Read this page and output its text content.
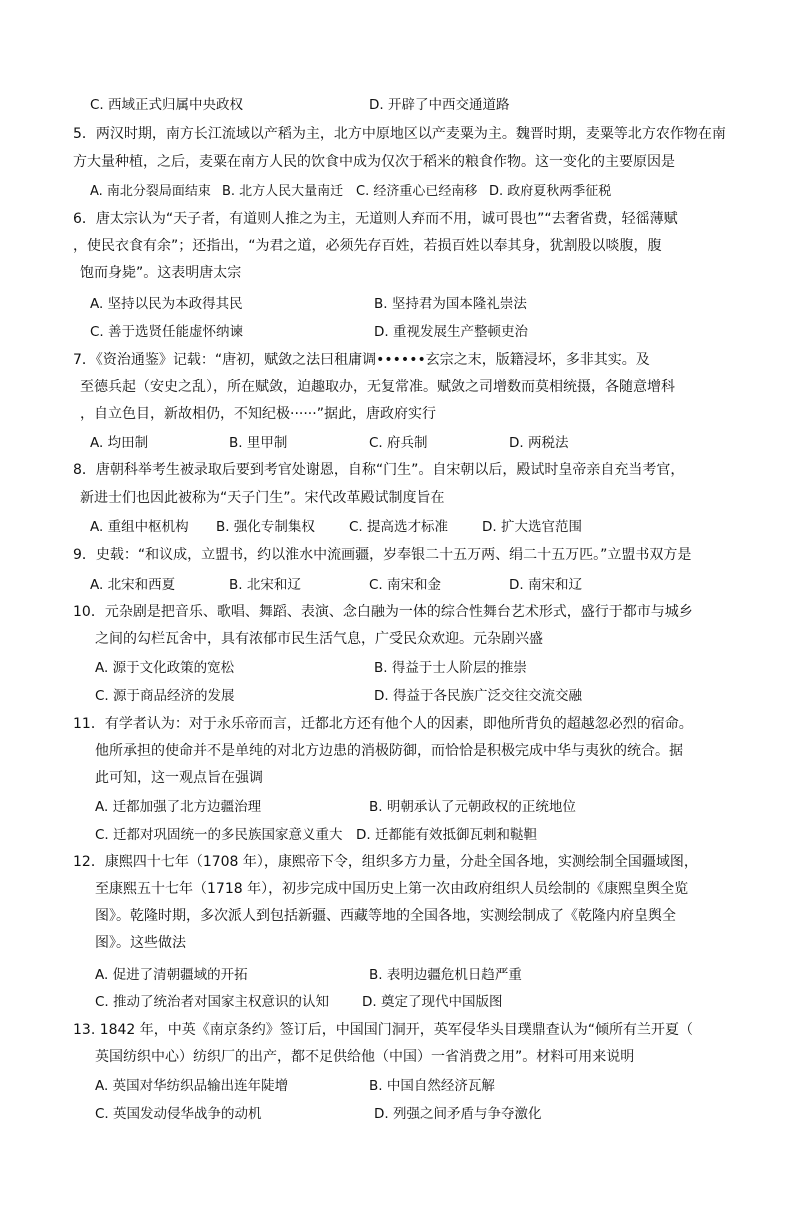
C. 西域正式归属中央政权	D. 开辟了中西交通道路
5．两汉时期，南方长江流域以产稻为主，北方中原地区以产麦粟为主。魏晋时期，麦粟等北方农作物在南
方大量种植，之后，麦粟在南方人民的饮食中成为仅次于稻米的粮食作物。这一变化的主要原因是
A. 南北分裂局面结束 B. 北方人民大量南迁 C. 经济重心已经南移 D. 政府夏秋两季征税
6．唐太宗认为“天子者，有道则人推之为主，无道则人弃而不用，诚可畏也”“去奢省费，轻徭薄赋
，使民衣食有余”；还指出，“为君之道，必须先存百姓，若损百姓以奉其身，犹割股以啖腹，腹
饱而身毙”。这表明唐太宗
A. 坚持以民为本政得其民	B. 坚持君为国本隆礼崇法
C. 善于选贤任能虚怀纳谏	D. 重视发展生产整顿吏治
7．《资治通鉴》记载：“唐初，赋敛之法曰租庸调••••••玄宗之末，版籍浸坏，多非其实。及
至德兵起（安史之乱），所在赋敛，迫趣取办，无复常准。赋敛之司增数而莫相统摄，各随意增科
，自立色目，新故相仍，不知纪极······”据此，唐政府实行
A. 均田制	B. 里甲制	C. 府兵制	D. 两税法
8．唐朝科举考生被录取后要到考官处谢恩，自称“门生”。自宋朝以后，殿试时皇帝亲自充当考官，
新进士们也因此被称为“天子门生”。宋代改革殿试制度旨在
A. 重组中枢机构 B. 强化专制集权	C. 提高选才标准	D. 扩大选官范围
9．史载：“和议成，立盟书，约以淮水中流画疆，岁奉银二十五万两、绢二十五万匹。”立盟书双方是
A. 北宋和西夏	B. 北宋和辽	C. 南宋和金	D. 南宋和辽
10．元杂剧是把音乐、歌唱、舞蹈、表演、念白融为一体的综合性舞台艺术形式，盛行于都市与城乡
之间的勾栏瓦舍中，具有浓郁市民生活气息，广受民众欢迎。元杂剧兴盛
A. 源于文化政策的宽松	B. 得益于士人阶层的推崇
C. 源于商品经济的发展	D. 得益于各民族广泛交往交流交融
11．有学者认为：对于永乐帝而言，迁都北方还有他个人的因素，即他所背负的超越忽必烈的宿命。
他所承担的使命并不是单纯的对北方边患的消极防御，而恰恰是积极完成中华与夷狄的统合。据
此可知，这一观点旨在强调
A. 迁都加强了北方边疆治理	B. 明朝承认了元朝政权的正统地位
C. 迁都对巩固统一的多民族国家意义重大 D. 迁都能有效抵御瓦剌和鞑靼
12．康熙四十七年（1708 年），康熙帝下令，组织多方力量，分赴全国各地，实测绘制全国疆域图，
至康熙五十七年（1718 年），初步完成中国历史上第一次由政府组织人员绘制的《康熙皇舆全览
图》。乾隆时期，多次派人到包括新疆、西藏等地的全国各地，实测绘制成了《乾隆内府皇舆全
图》。这些做法
A. 促进了清朝疆域的开拓	B. 表明边疆危机日趋严重
C. 推动了统治者对国家主权意识的认知 D. 奠定了现代中国版图
13. 1842 年，中英《南京条约》签订后，中国国门洞开，英军侵华头目璞鼎查认为“倾所有兰开夏（
英国纺织中心）纺织厂的出产，都不足供给他（中国）一省消费之用”。材料可用来说明
A. 英国对华纺织品输出连年陡增	B. 中国自然经济瓦解
C. 英国发动侵华战争的动机	D. 列强之间矛盾与争夺激化
